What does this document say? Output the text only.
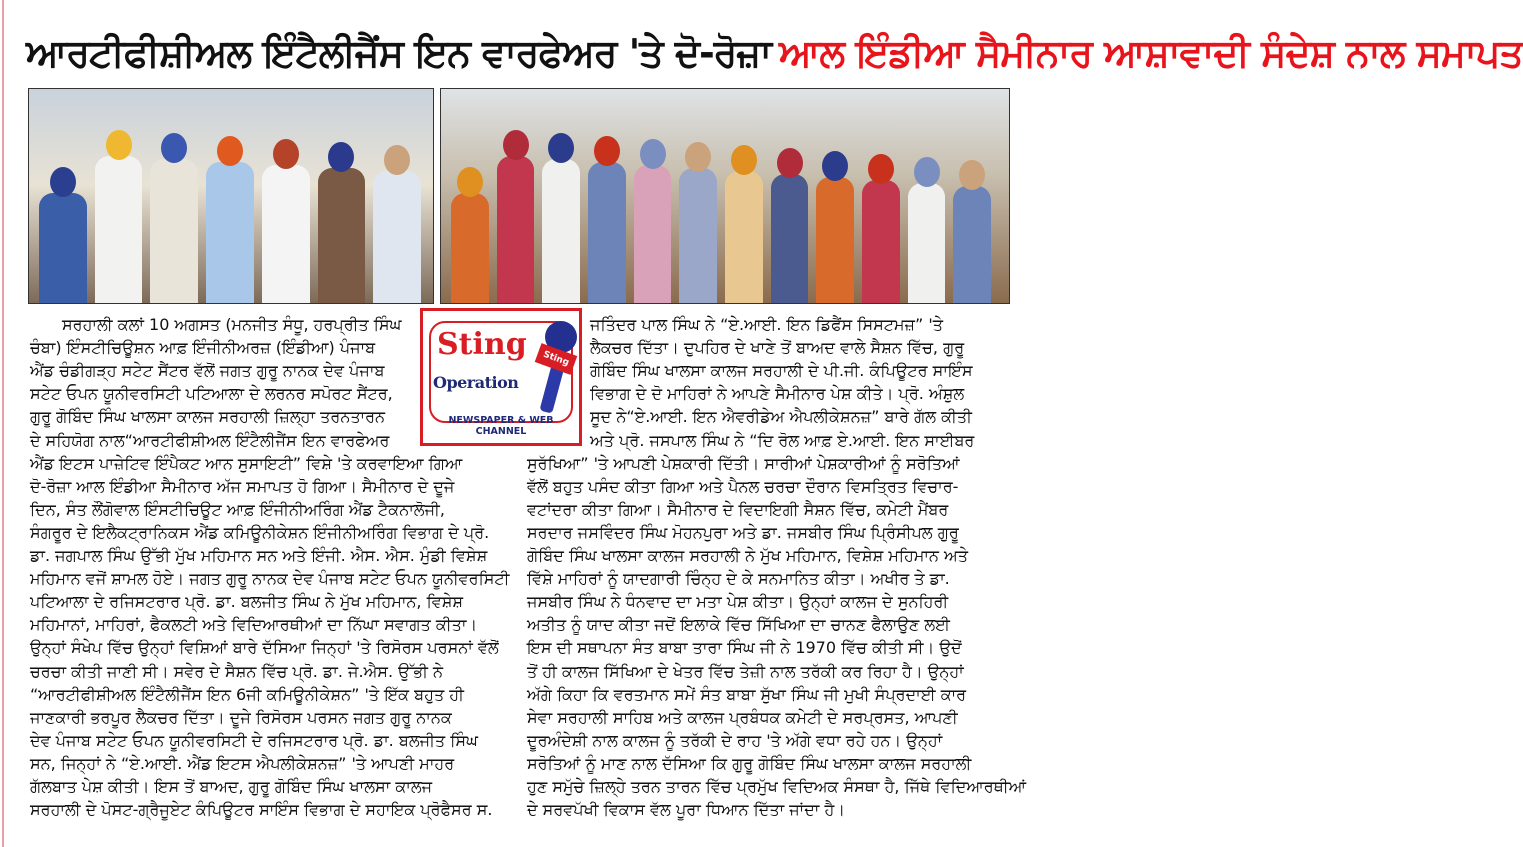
ਆਰਟੀਫੀਸ਼ੀਅਲ ਇੰਟੈਲੀਜੈਂਸ ਇਨ ਵਾਰਫੇਅਰ 'ਤੇ ਦੋ-ਰੋਜ਼ਾ ਆਲ ਇੰਡੀਆ ਸੈਮੀਨਾਰ ਆਸ਼ਾਵਾਦੀ ਸੰਦੇਸ਼ ਨਾਲ ਸਮਾਪਤ
Sting
Sting
Operation
NEWSPAPER & WEB CHANNEL
ਸਰਹਾਲੀ ਕਲਾਂ 10 ਅਗਸਤ (ਮਨਜੀਤ ਸੰਧੂ, ਹਰਪ੍ਰੀਤ ਸਿੰਘ
ਚੰਬਾ) ਇੰਸਟੀਚਿਊਸ਼ਨ ਆਫ਼ ਇੰਜੀਨੀਅਰਜ਼ (ਇੰਡੀਆ) ਪੰਜਾਬ
ਐਂਡ ਚੰਡੀਗੜ੍ਹ ਸਟੇਟ ਸੈਂਟਰ ਵੱਲੋਂ ਜਗਤ ਗੁਰੂ ਨਾਨਕ ਦੇਵ ਪੰਜਾਬ
ਸਟੇਟ ਓਪਨ ਯੂਨੀਵਰਸਿਟੀ ਪਟਿਆਲਾ ਦੇ ਲਰਨਰ ਸਪੋਰਟ ਸੈਂਟਰ,
ਗੁਰੂ ਗੋਬਿੰਦ ਸਿੰਘ ਖਾਲਸਾ ਕਾਲਜ ਸਰਹਾਲੀ ਜ਼ਿਲ੍ਹਾ ਤਰਨਤਾਰਨ
ਦੇ ਸਹਿਯੋਗ ਨਾਲ“ਆਰਟੀਫੀਸ਼ੀਅਲ ਇੰਟੈਲੀਜੈਂਸ ਇਨ ਵਾਰਫੇਅਰ
ਐਂਡ ਇਟਸ ਪਾਜ਼ੇਟਿਵ ਇੰਪੈਕਟ ਆਨ ਸੁਸਾਇਟੀ” ਵਿਸ਼ੇ 'ਤੇ ਕਰਵਾਇਆ ਗਿਆ
ਦੋ-ਰੋਜ਼ਾ ਆਲ ਇੰਡੀਆ ਸੈਮੀਨਾਰ ਅੱਜ ਸਮਾਪਤ ਹੋ ਗਿਆ। ਸੈਮੀਨਾਰ ਦੇ ਦੂਜੇ
ਦਿਨ, ਸੰਤ ਲੌਂਗੋਵਾਲ ਇੰਸਟੀਚਿਊਟ ਆਫ਼ ਇੰਜੀਨੀਅਰਿੰਗ ਐਂਡ ਟੈਕਨਾਲੋਜੀ,
ਸੰਗਰੂਰ ਦੇ ਇਲੈਕਟ੍ਰਾਨਿਕਸ ਐਂਡ ਕਮਿਊਨੀਕੇਸ਼ਨ ਇੰਜੀਨੀਅਰਿੰਗ ਵਿਭਾਗ ਦੇ ਪ੍ਰੋ.
ਡਾ. ਜਗਪਾਲ ਸਿੰਘ ਉੱਭੀ ਮੁੱਖ ਮਹਿਮਾਨ ਸਨ ਅਤੇ ਇੰਜੀ. ਐਸ. ਐਸ. ਮੁੰਡੀ ਵਿਸ਼ੇਸ਼
ਮਹਿਮਾਨ ਵਜੋਂ ਸ਼ਾਮਲ ਹੋਏ। ਜਗਤ ਗੁਰੂ ਨਾਨਕ ਦੇਵ ਪੰਜਾਬ ਸਟੇਟ ਓਪਨ ਯੂਨੀਵਰਸਿਟੀ
ਪਟਿਆਲਾ ਦੇ ਰਜਿਸਟਰਾਰ ਪ੍ਰੋ. ਡਾ. ਬਲਜੀਤ ਸਿੰਘ ਨੇ ਮੁੱਖ ਮਹਿਮਾਨ, ਵਿਸ਼ੇਸ਼
ਮਹਿਮਾਨਾਂ, ਮਾਹਿਰਾਂ, ਫੈਕਲਟੀ ਅਤੇ ਵਿਦਿਆਰਥੀਆਂ ਦਾ ਨਿੱਘਾ ਸਵਾਗਤ ਕੀਤਾ।
ਉਨ੍ਹਾਂ ਸੰਖੇਪ ਵਿੱਚ ਉਨ੍ਹਾਂ ਵਿਸ਼ਿਆਂ ਬਾਰੇ ਦੱਸਿਆ ਜਿਨ੍ਹਾਂ 'ਤੇ ਰਿਸੋਰਸ ਪਰਸਨਾਂ ਵੱਲੋਂ
ਚਰਚਾ ਕੀਤੀ ਜਾਣੀ ਸੀ। ਸਵੇਰ ਦੇ ਸੈਸ਼ਨ ਵਿੱਚ ਪ੍ਰੋ. ਡਾ. ਜੇ.ਐਸ. ਉੱਭੀ ਨੇ
“ਆਰਟੀਫੀਸ਼ੀਅਲ ਇੰਟੈਲੀਜੈਂਸ ਇਨ 6ਜੀ ਕਮਿਊਨੀਕੇਸ਼ਨ” 'ਤੇ ਇੱਕ ਬਹੁਤ ਹੀ
ਜਾਣਕਾਰੀ ਭਰਪੂਰ ਲੈਕਚਰ ਦਿੱਤਾ। ਦੂਜੇ ਰਿਸੋਰਸ ਪਰਸਨ ਜਗਤ ਗੁਰੂ ਨਾਨਕ
ਦੇਵ ਪੰਜਾਬ ਸਟੇਟ ਓਪਨ ਯੂਨੀਵਰਸਿਟੀ ਦੇ ਰਜਿਸਟਰਾਰ ਪ੍ਰੋ. ਡਾ. ਬਲਜੀਤ ਸਿੰਘ
ਸਨ, ਜਿਨ੍ਹਾਂ ਨੇ “ਏ.ਆਈ. ਐਂਡ ਇਟਸ ਐਪਲੀਕੇਸ਼ਨਜ਼” 'ਤੇ ਆਪਣੀ ਮਾਹਰ
ਗੱਲਬਾਤ ਪੇਸ਼ ਕੀਤੀ। ਇਸ ਤੋਂ ਬਾਅਦ, ਗੁਰੂ ਗੋਬਿੰਦ ਸਿੰਘ ਖਾਲਸਾ ਕਾਲਜ
ਸਰਹਾਲੀ ਦੇ ਪੋਸਟ-ਗ੍ਰੈਜੂਏਟ ਕੰਪਿਊਟਰ ਸਾਇੰਸ ਵਿਭਾਗ ਦੇ ਸਹਾਇਕ ਪ੍ਰੋਫੈਸਰ ਸ.
ਜਤਿੰਦਰ ਪਾਲ ਸਿੰਘ ਨੇ “ਏ.ਆਈ. ਇਨ ਡਿਫੈਂਸ ਸਿਸਟਮਜ਼” 'ਤੇ
ਲੈਕਚਰ ਦਿੱਤਾ। ਦੁਪਹਿਰ ਦੇ ਖਾਣੇ ਤੋਂ ਬਾਅਦ ਵਾਲੇ ਸੈਸ਼ਨ ਵਿੱਚ, ਗੁਰੂ
ਗੋਬਿੰਦ ਸਿੰਘ ਖਾਲਸਾ ਕਾਲਜ ਸਰਹਾਲੀ ਦੇ ਪੀ.ਜੀ. ਕੰਪਿਊਟਰ ਸਾਇੰਸ
ਵਿਭਾਗ ਦੇ ਦੋ ਮਾਹਿਰਾਂ ਨੇ ਆਪਣੇ ਸੈਮੀਨਾਰ ਪੇਸ਼ ਕੀਤੇ। ਪ੍ਰੋ. ਅੰਸ਼ੁਲ
ਸੂਦ ਨੇ“ਏ.ਆਈ. ਇਨ ਐਵਰੀਡੇਅ ਐਪਲੀਕੇਸ਼ਨਜ਼” ਬਾਰੇ ਗੱਲ ਕੀਤੀ
ਅਤੇ ਪ੍ਰੋ. ਜਸਪਾਲ ਸਿੰਘ ਨੇ “ਦਿ ਰੋਲ ਆਫ਼ ਏ.ਆਈ. ਇਨ ਸਾਈਬਰ
ਸੁਰੱਖਿਆ” 'ਤੇ ਆਪਣੀ ਪੇਸ਼ਕਾਰੀ ਦਿੱਤੀ। ਸਾਰੀਆਂ ਪੇਸ਼ਕਾਰੀਆਂ ਨੂੰ ਸਰੋਤਿਆਂ
ਵੱਲੋਂ ਬਹੁਤ ਪਸੰਦ ਕੀਤਾ ਗਿਆ ਅਤੇ ਪੈਨਲ ਚਰਚਾ ਦੌਰਾਨ ਵਿਸਤ੍ਰਿਤ ਵਿਚਾਰ-
ਵਟਾਂਦਰਾ ਕੀਤਾ ਗਿਆ। ਸੈਮੀਨਾਰ ਦੇ ਵਿਦਾਇਗੀ ਸੈਸ਼ਨ ਵਿੱਚ, ਕਮੇਟੀ ਮੈਂਬਰ
ਸਰਦਾਰ ਜਸਵਿੰਦਰ ਸਿੰਘ ਮੋਹਨਪੁਰਾ ਅਤੇ ਡਾ. ਜਸਬੀਰ ਸਿੰਘ ਪ੍ਰਿੰਸੀਪਲ ਗੁਰੂ
ਗੋਬਿੰਦ ਸਿੰਘ ਖਾਲਸਾ ਕਾਲਜ ਸਰਹਾਲੀ ਨੇ ਮੁੱਖ ਮਹਿਮਾਨ, ਵਿਸ਼ੇਸ਼ ਮਹਿਮਾਨ ਅਤੇ
ਵਿੱਸ਼ੇ ਮਾਹਿਰਾਂ ਨੂੰ ਯਾਦਗਾਰੀ ਚਿੰਨ੍ਹ ਦੇ ਕੇ ਸਨਮਾਨਿਤ ਕੀਤਾ। ਅਖੀਰ ਤੇ ਡਾ.
ਜਸਬੀਰ ਸਿੰਘ ਨੇ ਧੰਨਵਾਦ ਦਾ ਮਤਾ ਪੇਸ਼ ਕੀਤਾ। ਉਨ੍ਹਾਂ ਕਾਲਜ ਦੇ ਸੁਨਹਿਰੀ
ਅਤੀਤ ਨੂੰ ਯਾਦ ਕੀਤਾ ਜਦੋਂ ਇਲਾਕੇ ਵਿੱਚ ਸਿੱਖਿਆ ਦਾ ਚਾਨਣ ਫੈਲਾਉਣ ਲਈ
ਇਸ ਦੀ ਸਥਾਪਨਾ ਸੰਤ ਬਾਬਾ ਤਾਰਾ ਸਿੰਘ ਜੀ ਨੇ 1970 ਵਿੱਚ ਕੀਤੀ ਸੀ। ਉਦੋਂ
ਤੋਂ ਹੀ ਕਾਲਜ ਸਿੱਖਿਆ ਦੇ ਖੇਤਰ ਵਿੱਚ ਤੇਜ਼ੀ ਨਾਲ ਤਰੱਕੀ ਕਰ ਰਿਹਾ ਹੈ। ਉਨ੍ਹਾਂ
ਅੱਗੇ ਕਿਹਾ ਕਿ ਵਰਤਮਾਨ ਸਮੇਂ ਸੰਤ ਬਾਬਾ ਸੁੱਖਾ ਸਿੰਘ ਜੀ ਮੁਖੀ ਸੰਪ੍ਰਦਾਈ ਕਾਰ
ਸੇਵਾ ਸਰਹਾਲੀ ਸਾਹਿਬ ਅਤੇ ਕਾਲਜ ਪ੍ਰਬੰਧਕ ਕਮੇਟੀ ਦੇ ਸਰਪ੍ਰਸਤ, ਆਪਣੀ
ਦੂਰਅੰਦੇਸ਼ੀ ਨਾਲ ਕਾਲਜ ਨੂੰ ਤਰੱਕੀ ਦੇ ਰਾਹ 'ਤੇ ਅੱਗੇ ਵਧਾ ਰਹੇ ਹਨ। ਉਨ੍ਹਾਂ
ਸਰੋਤਿਆਂ ਨੂੰ ਮਾਣ ਨਾਲ ਦੱਸਿਆ ਕਿ ਗੁਰੂ ਗੋਬਿੰਦ ਸਿੰਘ ਖਾਲਸਾ ਕਾਲਜ ਸਰਹਾਲੀ
ਹੁਣ ਸਮੁੱਚੇ ਜ਼ਿਲ੍ਹੇ ਤਰਨ ਤਾਰਨ ਵਿੱਚ ਪ੍ਰਮੁੱਖ ਵਿਦਿਅਕ ਸੰਸਥਾ ਹੈ, ਜਿੱਥੇ ਵਿਦਿਆਰਥੀਆਂ
ਦੇ ਸਰਵਪੱਖੀ ਵਿਕਾਸ ਵੱਲ ਪੂਰਾ ਧਿਆਨ ਦਿੱਤਾ ਜਾਂਦਾ ਹੈ।
